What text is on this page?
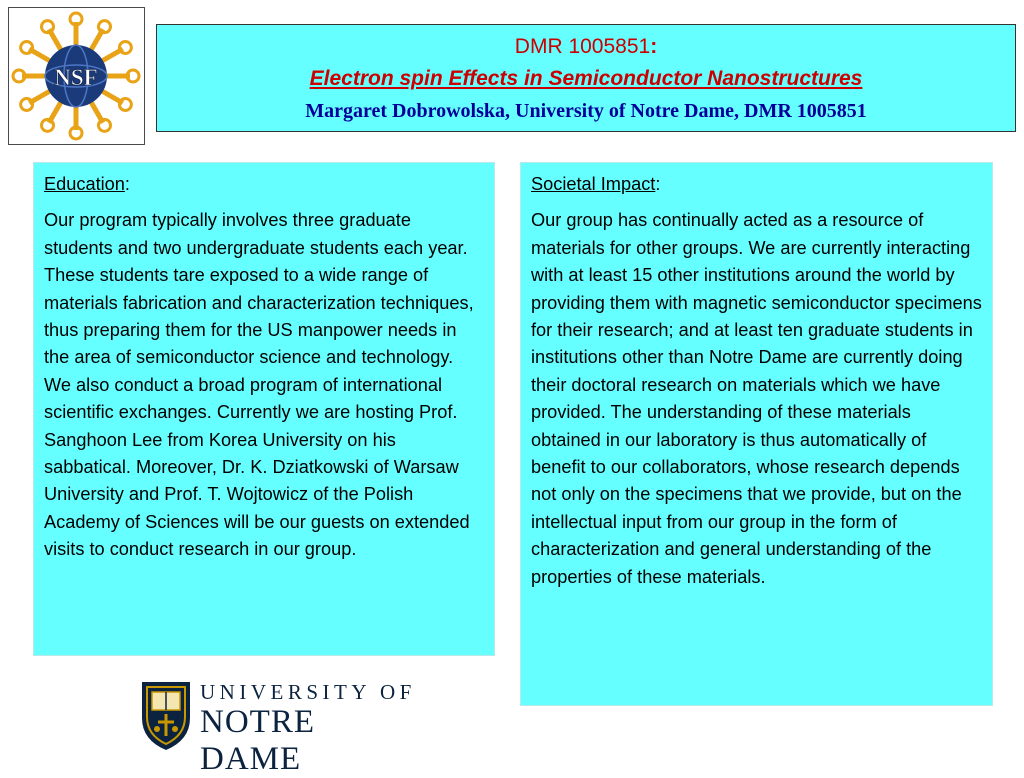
NSF
DMR 1005851:
Electron spin Effects in Semiconductor Nanostructures
Margaret Dobrowolska, University of Notre Dame, DMR 1005851

Education:

Our program typically involves three graduate students and two undergraduate students each year. These students tare exposed to a wide range of materials fabrication and characterization techniques, thus preparing them for the US manpower needs in the area of semiconductor science and technology. We also conduct a broad program of international scientific exchanges. Currently we are hosting Prof. Sanghoon Lee from Korea University on his sabbatical. Moreover, Dr. K. Dziatkowski of Warsaw University and Prof. T. Wojtowicz of the Polish Academy of Sciences will be our guests on extended visits to conduct research in our group.

Societal Impact:

Our group has continually acted as a resource of materials for other groups. We are currently interacting with at least 15 other institutions around the world by providing them with magnetic semiconductor specimens for their research; and at least ten graduate students in institutions other than Notre Dame are currently doing their doctoral research on materials which we have provided. The understanding of these materials obtained in our laboratory is thus automatically of benefit to our collaborators, whose research depends not only on the specimens that we provide, but on the intellectual input from our group in the form of characterization and general understanding of the properties of these materials.

UNIVERSITY OF
NOTRE DAME
